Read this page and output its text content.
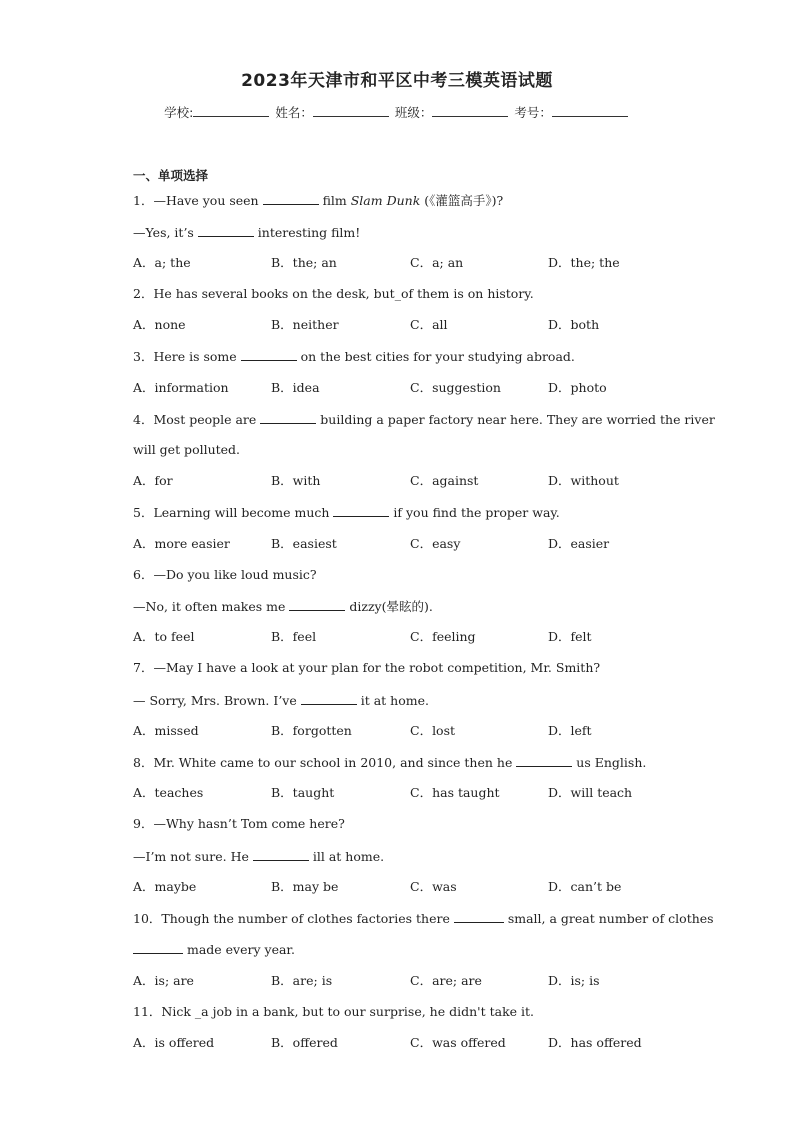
2023年天津市和平区中考三模英语试题
学校:	姓名：	班级：	考号：
一、单项选择
1．—Have you seen	film Slam Dunk (《灌篮高手》)?
—Yes, it’s	interesting film!
A．a; the	B．the; an	C．a; an	D．the; the
2．He has several books on the desk, but_of them is on history.
A．none	B．neither	C．all	D．both
3．Here is some	on the best cities for your studying abroad.
A．information	B．idea	C．suggestion	D．photo
4．Most people are	building a paper factory near here. They are worried the river
will get polluted.
A．for	B．with	C．against	D．without
5．Learning will become much	if you find the proper way.
A．more easier	B．easiest	C．easy	D．easier
6．—Do you like loud music?
—No, it often makes me	dizzy(晕眩的).
A．to feel	B．feel	C．feeling	D．felt
7．—May I have a look at your plan for the robot competition, Mr. Smith?
— Sorry, Mrs. Brown. I’ve	it at home.
A．missed	B．forgotten	C．lost	D．left
8．Mr. White came to our school in 2010, and since then he	us English.
A．teaches	B．taught	C．has taught	D．will teach
9．—Why hasn’t Tom come here?
—I’m not sure. He	ill at home.
A．maybe	B．may be	C．was	D．can’t be
10．Though the number of clothes factories there	small, a great number of clothes
made every year.
A．is; are	B．are; is	C．are; are	D．is; is
11．Nick _a job in a bank, but to our surprise, he didn't take it.
A．is offered	B．offered	C．was offered	D．has offered
